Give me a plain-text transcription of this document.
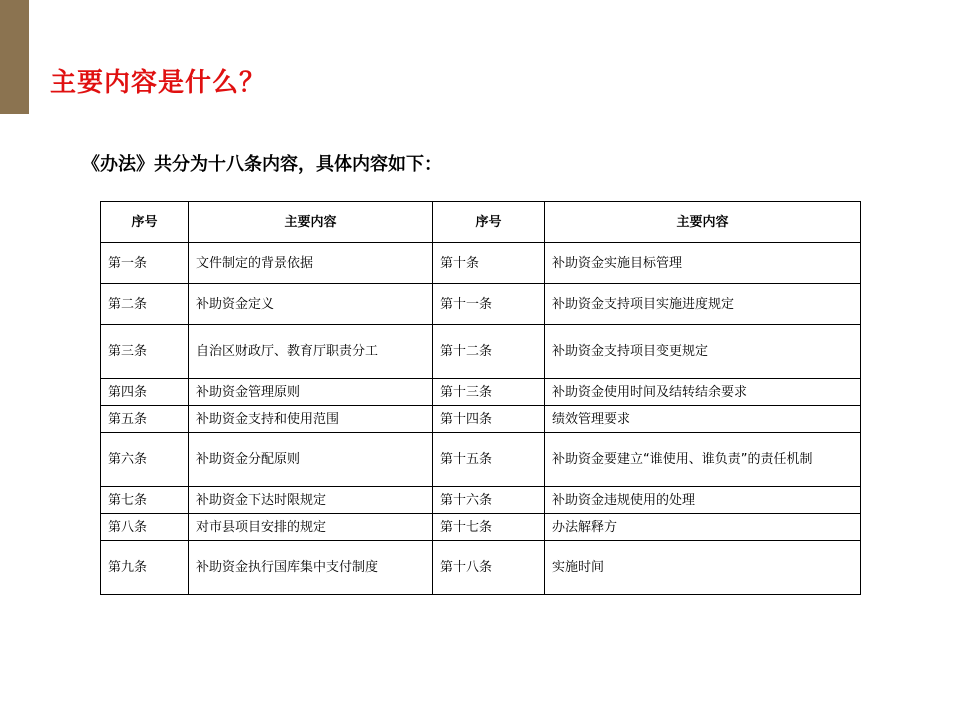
主要内容是什么？

《办法》共分为十八条内容，具体内容如下：

序号	主要内容	序号	主要内容
第一条	文件制定的背景依据	第十条	补助资金实施目标管理
第二条	补助资金定义	第十一条	补助资金支持项目实施进度规定
第三条	自治区财政厅、教育厅职责分工	第十二条	补助资金支持项目变更规定
第四条	补助资金管理原则	第十三条	补助资金使用时间及结转结余要求
第五条	补助资金支持和使用范围	第十四条	绩效管理要求
第六条	补助资金分配原则	第十五条	补助资金要建立“谁使用、谁负责”的责任机制
第七条	补助资金下达时限规定	第十六条	补助资金违规使用的处理
第八条	对市县项目安排的规定	第十七条	办法解释方
第九条	补助资金执行国库集中支付制度	第十八条	实施时间
